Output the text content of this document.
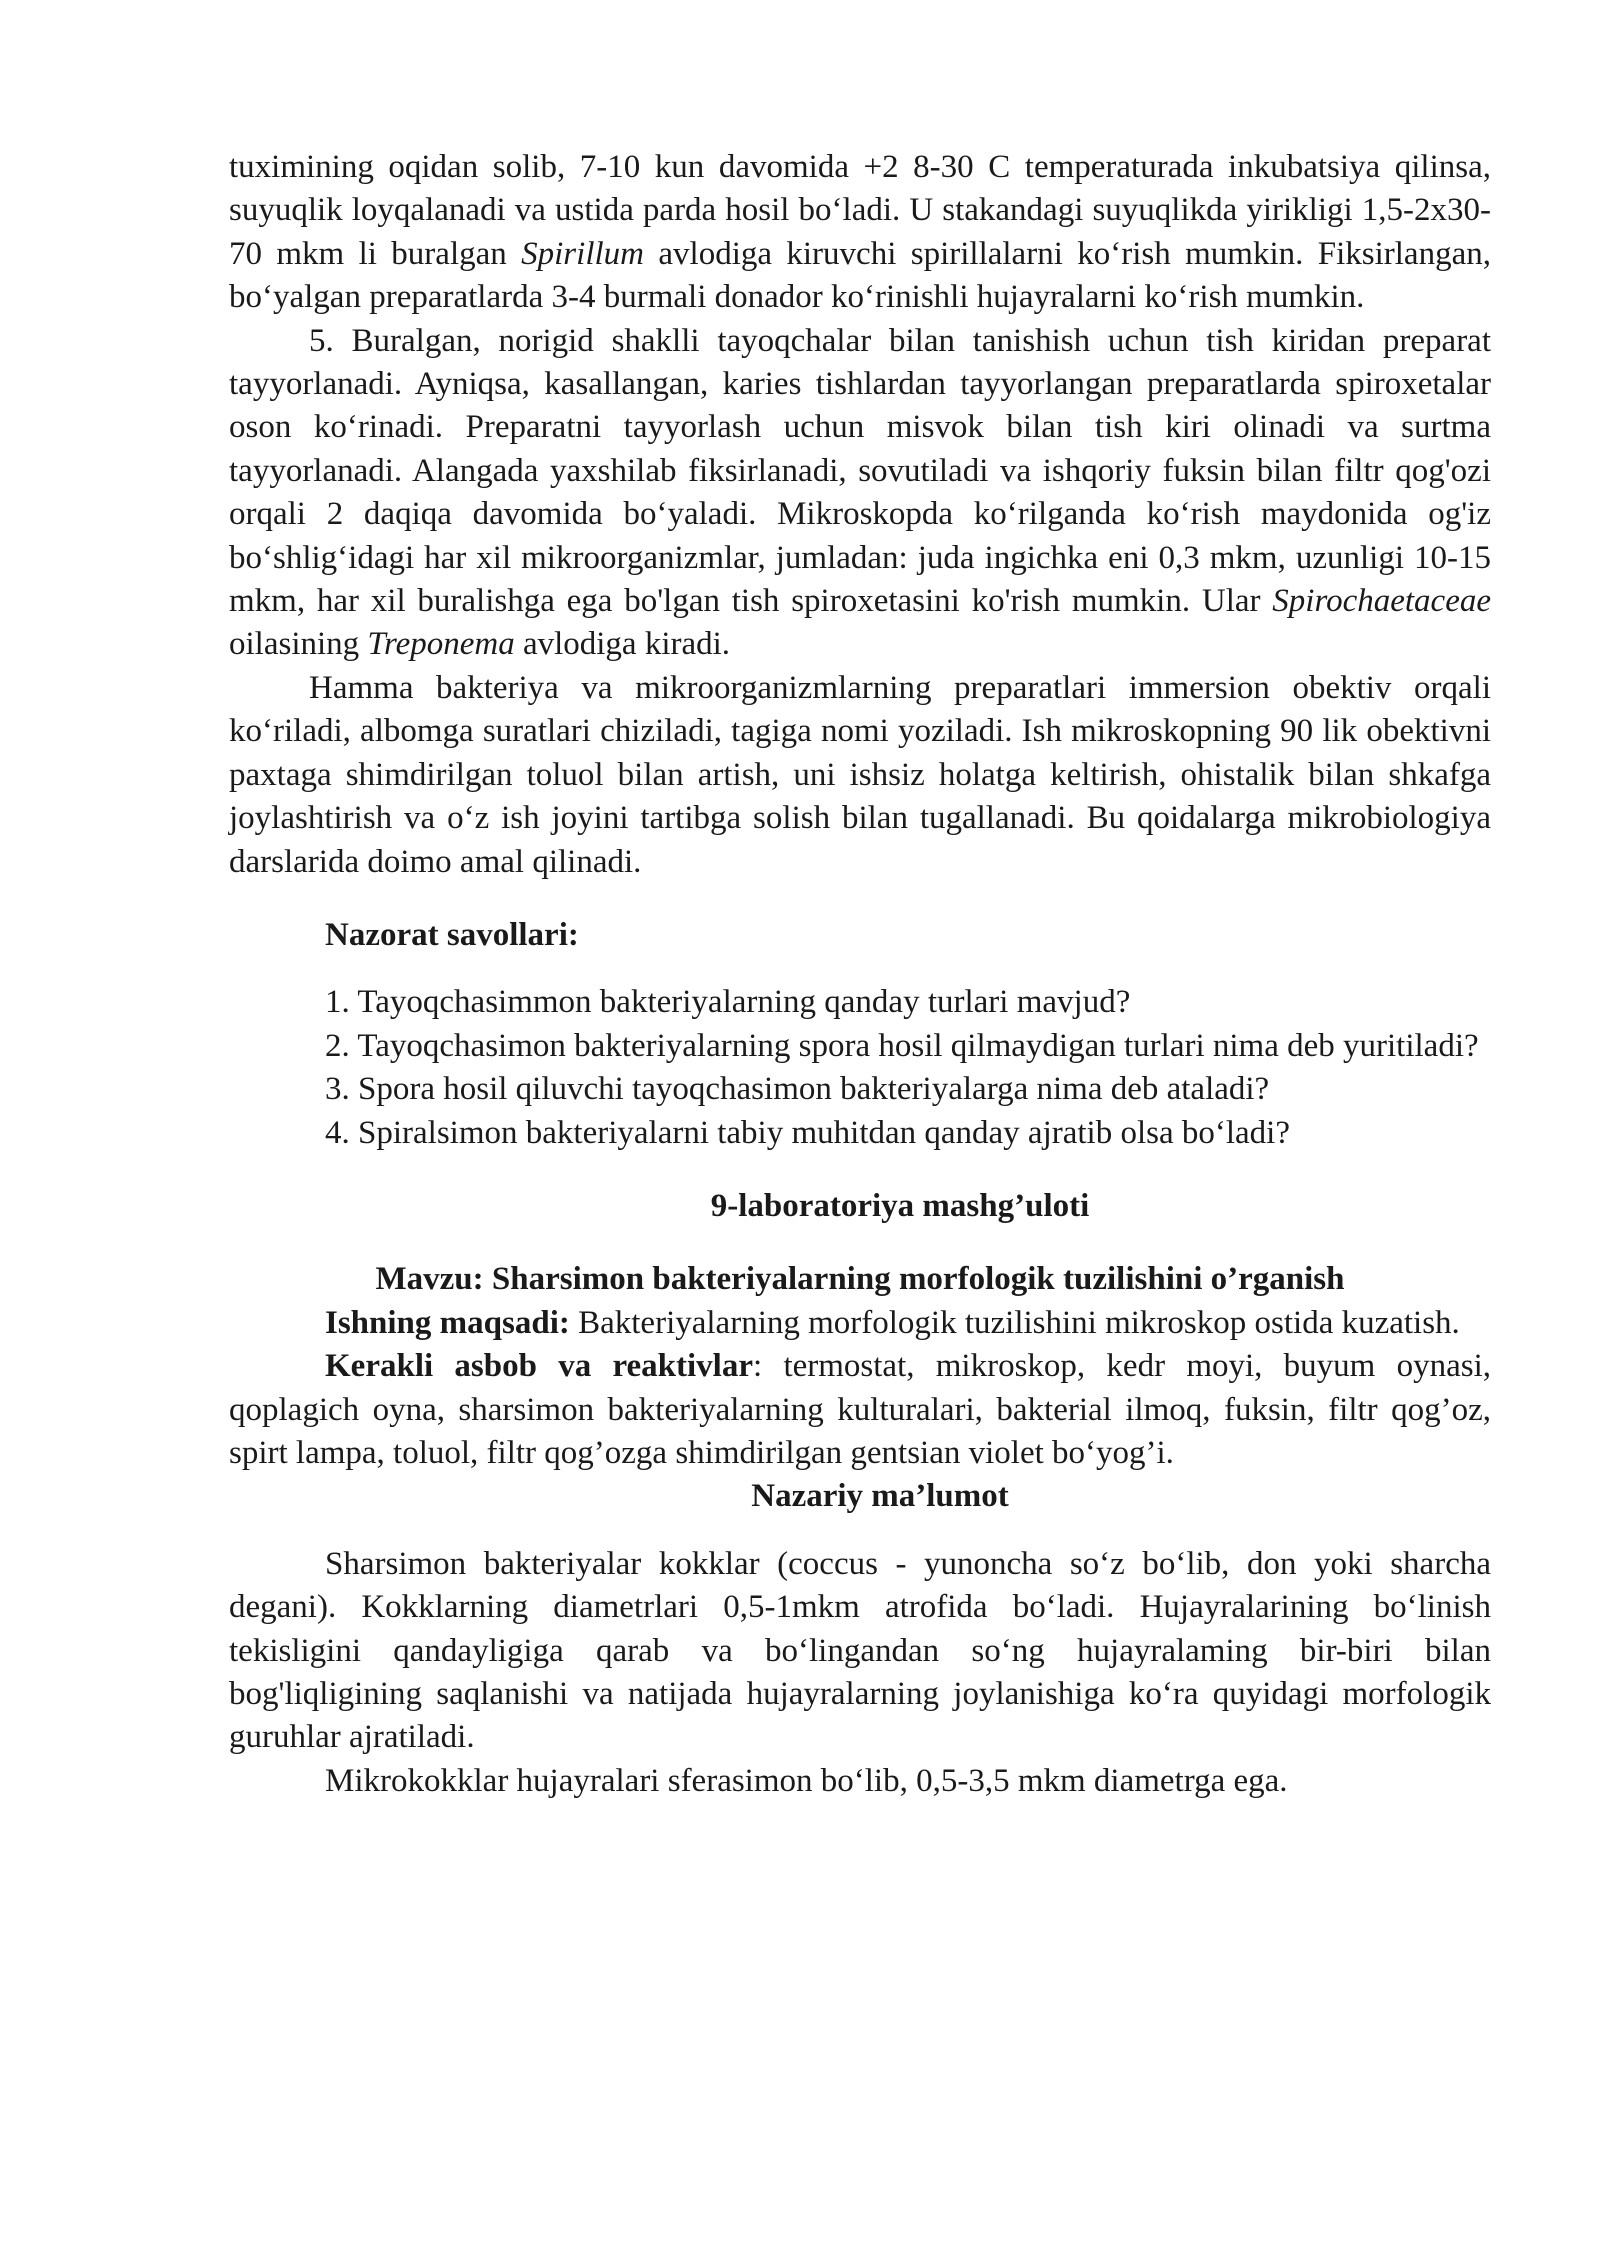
tuximining oqidan solib, 7-10 kun davomida +2 8-30 C temperaturada inkubatsiya qilinsa, suyuqlik loyqalanadi va ustida parda hosil bo‘ladi. U stakandagi suyuqlikda yirikligi 1,5-2x30-70 mkm li buralgan Spirillum avlodiga kiruvchi spirillalarni ko‘rish mumkin. Fiksirlangan, bo‘yalgan preparatlarda 3-4 burmali donador ko‘rinishli hujayralarni ko‘rish mumkin.

5. Buralgan, norigid shaklli tayoqchalar bilan tanishish uchun tish kiridan preparat tayyorlanadi. Ayniqsa, kasallangan, karies tishlardan tayyorlangan preparatlarda spiroxetalar oson ko‘rinadi. Preparatni tayyorlash uchun misvok bilan tish kiri olinadi va surtma tayyorlanadi. Alangada yaxshilab fiksirlanadi, sovutiladi va ishqoriy fuksin bilan filtr qog'ozi orqali 2 daqiqa davomida bo‘yaladi. Mikroskopda ko‘rilganda ko‘rish maydonida og'iz bo‘shlig‘idagi har xil mikroorganizmlar, jumladan: juda ingichka eni 0,3 mkm, uzunligi 10-15 mkm, har xil buralishga ega bo'lgan tish spiroxetasini ko'rish mumkin. Ular Spirochaetaceae oilasining Treponema avlodiga kiradi.

Hamma bakteriya va mikroorganizmlarning preparatlari immersion obektiv orqali ko‘riladi, albomga suratlari chiziladi, tagiga nomi yoziladi. Ish mikroskopning 90 lik obektivni paxtaga shimdirilgan toluol bilan artish, uni ishsiz holatga keltirish, ohistalik bilan shkafga joylashtirish va o‘z ish joyini tartibga solish bilan tugallanadi. Bu qoidalarga mikrobiologiya darslarida doimo amal qilinadi.

Nazorat savollari:

1. Tayoqchasimmon bakteriyalarning qanday turlari mavjud?

2. Tayoqchasimon bakteriyalarning spora hosil qilmaydigan turlari nima deb yuritiladi?

3. Spora hosil qiluvchi tayoqchasimon bakteriyalarga nima deb ataladi?

4. Spiralsimon bakteriyalarni tabiy muhitdan qanday ajratib olsa bo‘ladi?

9-laboratoriya mashg’uloti

Mavzu: Sharsimon bakteriyalarning morfologik tuzilishini o’rganish

Ishning maqsadi: Bakteriyalarning morfologik tuzilishini mikroskop ostida kuzatish.

Kerakli asbob va reaktivlar: termostat, mikroskop, kedr moyi, buyum oynasi, qoplagich oyna, sharsimon bakteriyalarning kulturalari, bakterial ilmoq, fuksin, filtr qog’oz, spirt lampa, toluol, filtr qog’ozga shimdirilgan gentsian violet bo‘yog’i.

Nazariy ma’lumot

Sharsimon bakteriyalar kokklar (coccus - yunoncha so‘z bo‘lib, don yoki sharcha degani). Kokklarning diametrlari 0,5-1mkm atrofida bo‘ladi. Hujayralarining bo‘linish tekisligini qandayligiga qarab va bo‘lingandan so‘ng hujayralaming bir-biri bilan bog'liqligining saqlanishi va natijada hujayralarning joylanishiga ko‘ra quyidagi morfologik guruhlar ajratiladi.

Mikrokokklar hujayralari sferasimon bo‘lib, 0,5-3,5 mkm diametrga ega.
